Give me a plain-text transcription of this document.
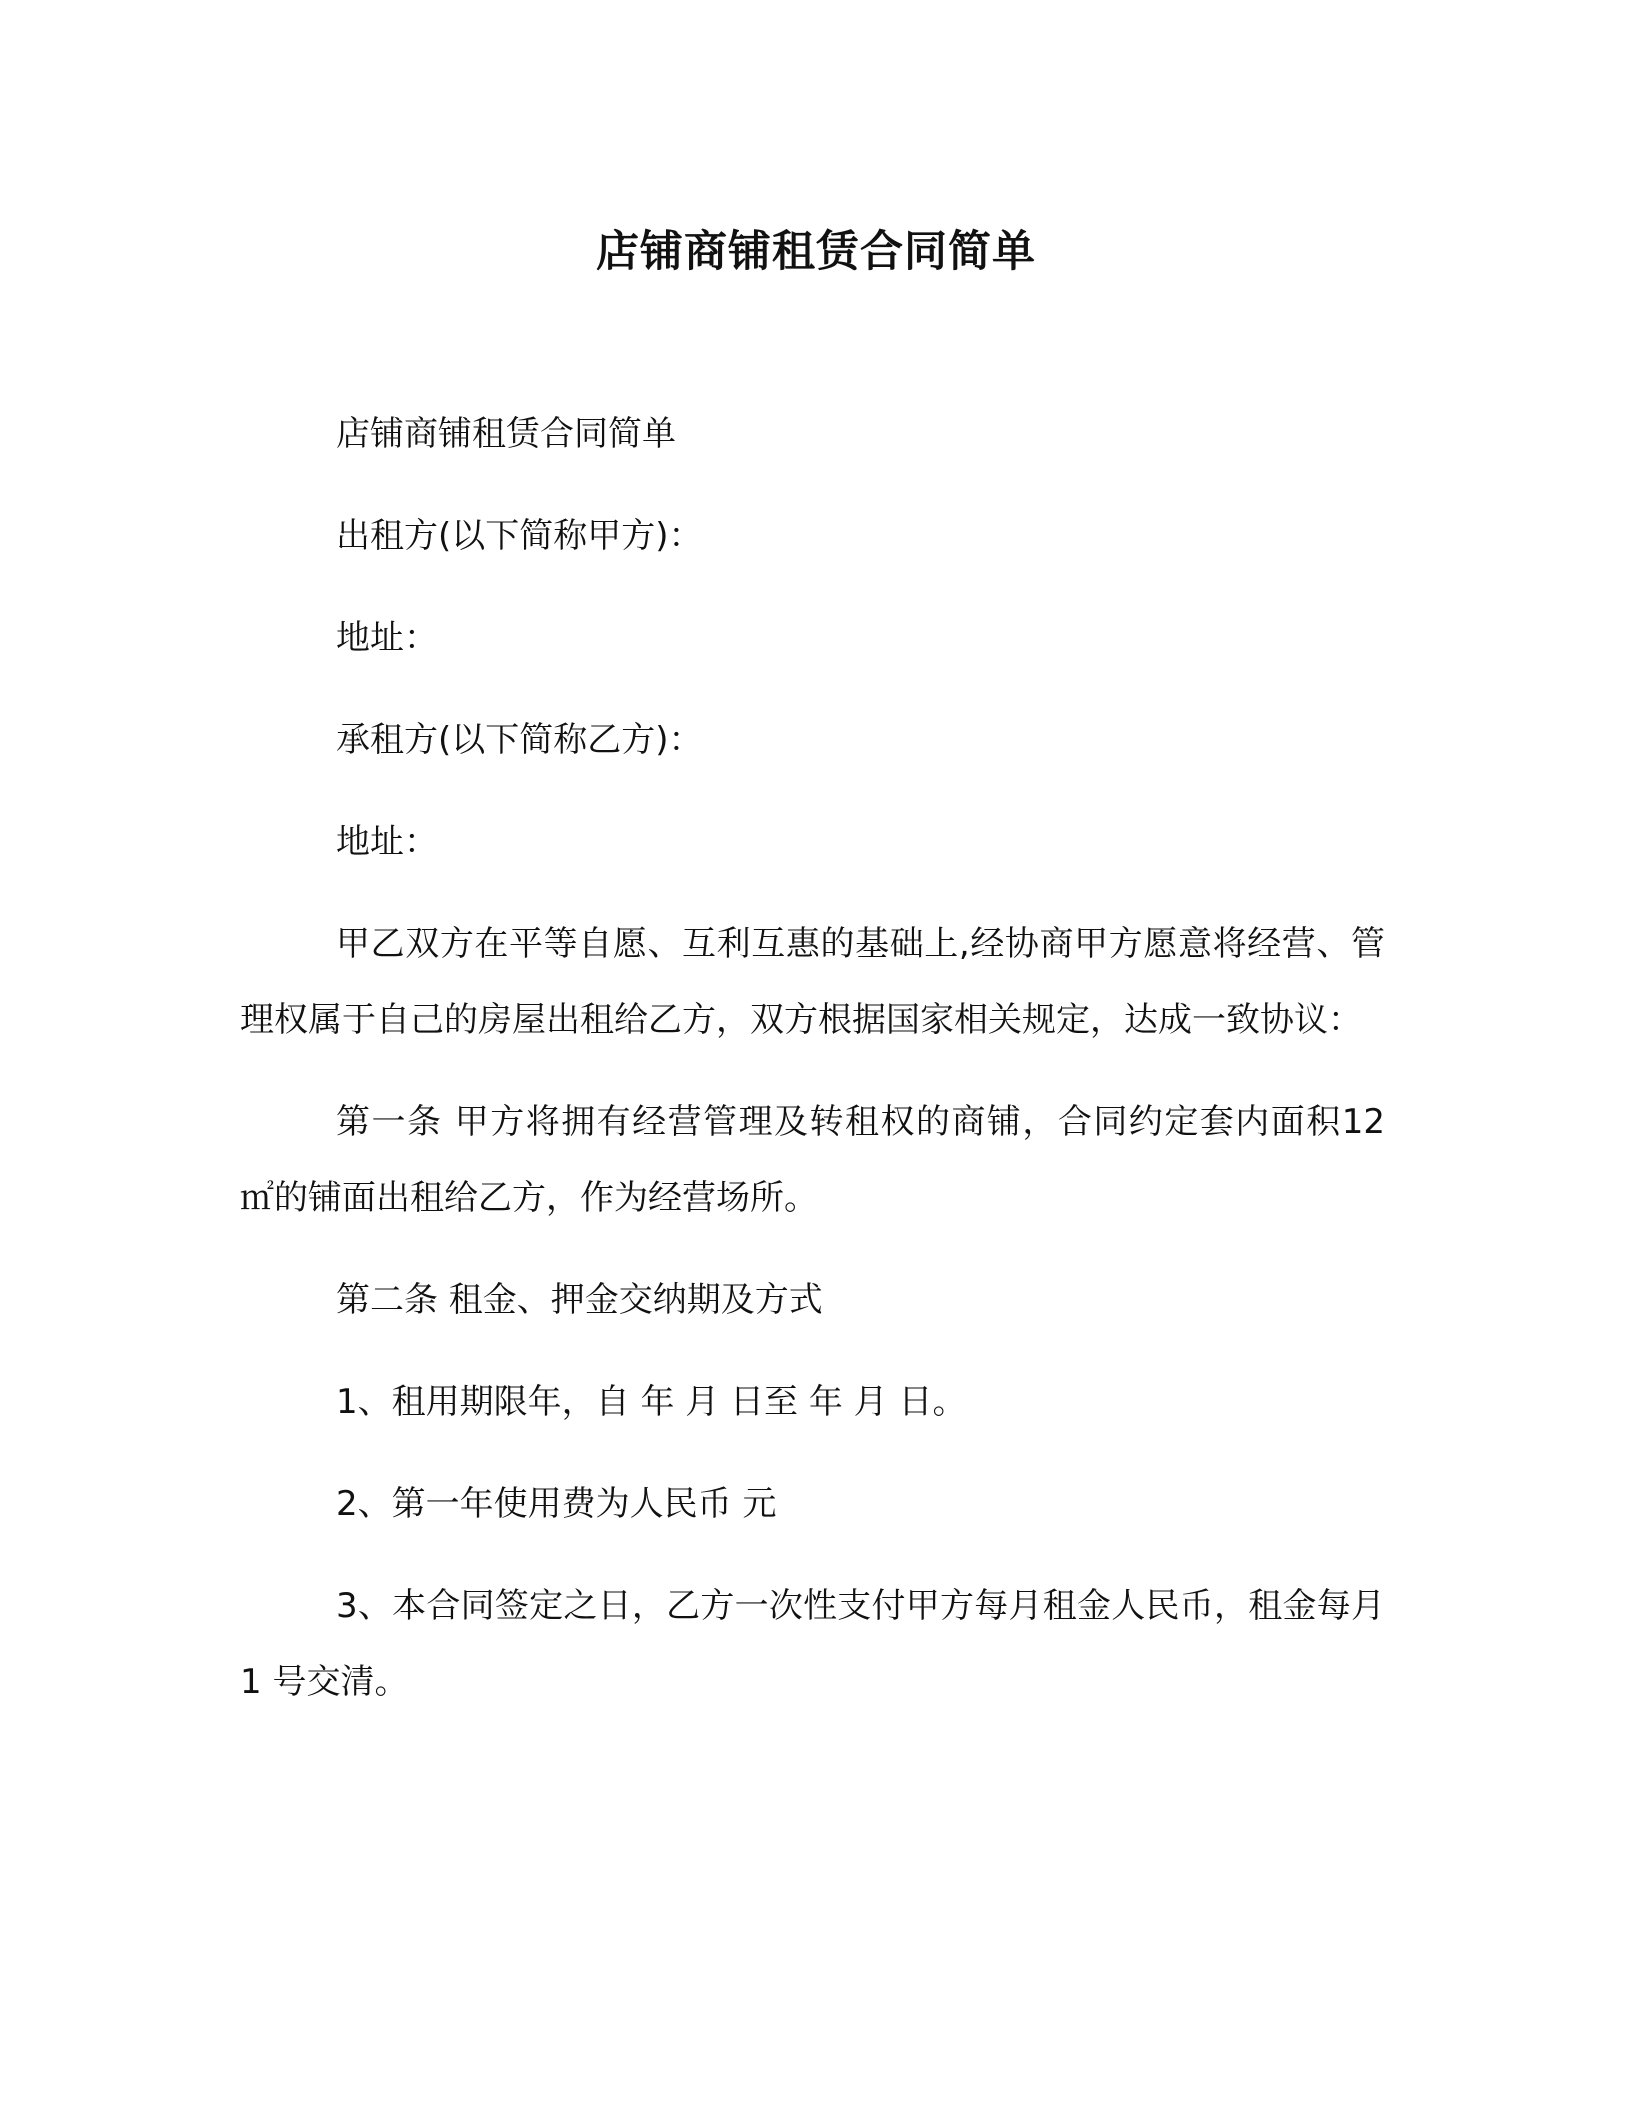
店铺商铺租赁合同简单

店铺商铺租赁合同简单

出租方(以下简称甲方)：

地址：

承租方(以下简称乙方)：

地址：

甲乙双方在平等自愿、互利互惠的基础上,经协商甲方愿意将经营、管理权属于自己的房屋出租给乙方，双方根据国家相关规定，达成一致协议：

第一条 甲方将拥有经营管理及转租权的商铺，合同约定套内面积12 ㎡的铺面出租给乙方，作为经营场所。

第二条 租金、押金交纳期及方式

1、租用期限年，自 年 月 日至 年 月 日。

2、第一年使用费为人民币 元

3、本合同签定之日，乙方一次性支付甲方每月租金人民币，租金每月 1 号交清。
